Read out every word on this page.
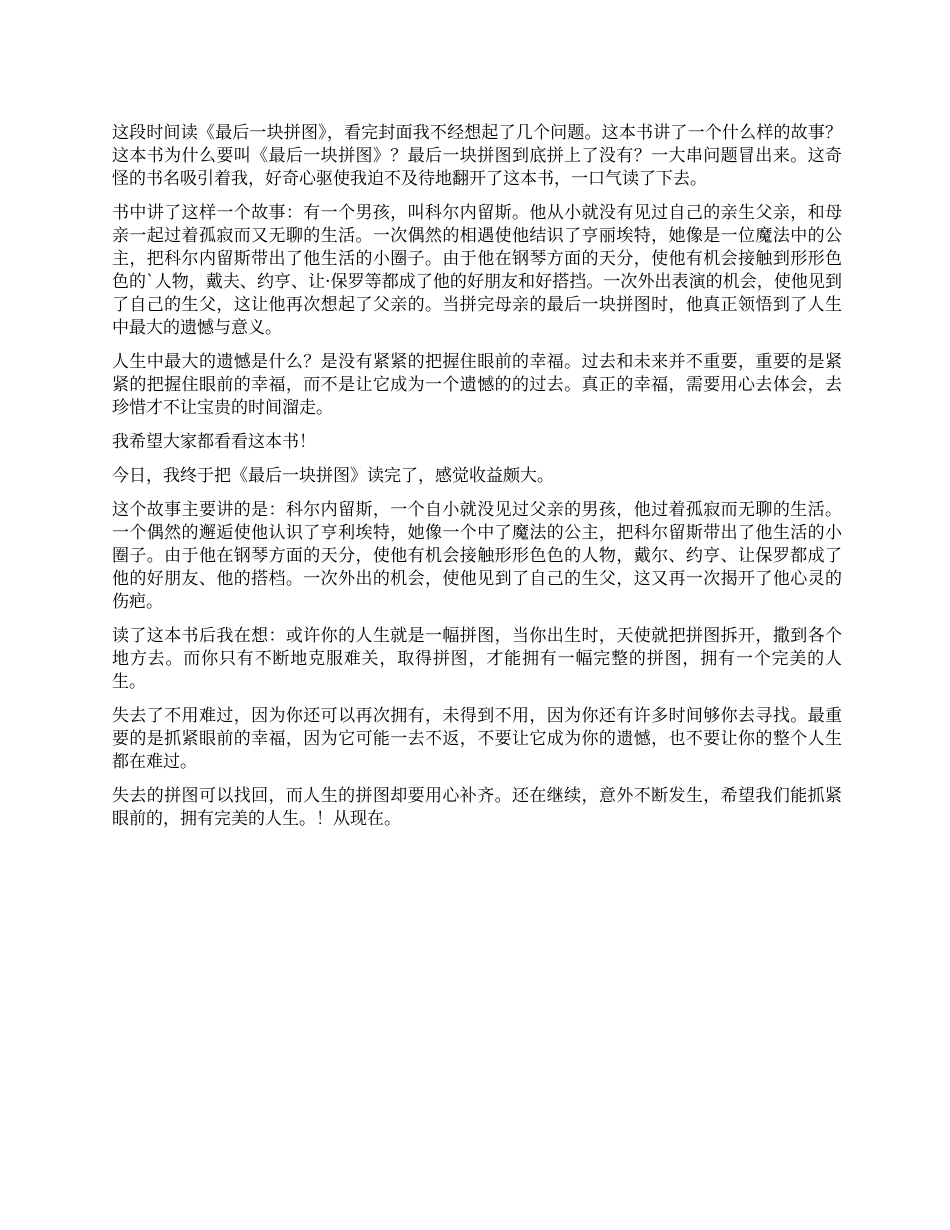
这段时间读《最后一块拼图》，看完封面我不经想起了几个问题。这本书讲了一个什么样的故事？这本书为什么要叫《最后一块拼图》？最后一块拼图到底拼上了没有？一大串问题冒出来。这奇怪的书名吸引着我，好奇心驱使我迫不及待地翻开了这本书，一口气读了下去。

书中讲了这样一个故事：有一个男孩，叫科尔内留斯。他从小就没有见过自己的亲生父亲，和母亲一起过着孤寂而又无聊的生活。一次偶然的相遇使他结识了亨丽埃特，她像是一位魔法中的公主，把科尔内留斯带出了他生活的小圈子。由于他在钢琴方面的天分，使他有机会接触到形形色色的`人物，戴夫、约亨、让·保罗等都成了他的好朋友和好搭挡。一次外出表演的机会，使他见到了自己的生父，这让他再次想起了父亲的。当拼完母亲的最后一块拼图时，他真正领悟到了人生中最大的遗憾与意义。

人生中最大的遗憾是什么？是没有紧紧的把握住眼前的幸福。过去和未来并不重要，重要的是紧紧的把握住眼前的幸福，而不是让它成为一个遗憾的的过去。真正的幸福，需要用心去体会，去珍惜才不让宝贵的时间溜走。

我希望大家都看看这本书！

今日，我终于把《最后一块拼图》读完了，感觉收益颇大。

这个故事主要讲的是：科尔内留斯，一个自小就没见过父亲的男孩，他过着孤寂而无聊的生活。一个偶然的邂逅使他认识了亨利埃特，她像一个中了魔法的公主，把科尔留斯带出了他生活的小圈子。由于他在钢琴方面的天分，使他有机会接触形形色色的人物，戴尔、约亨、让保罗都成了他的好朋友、他的搭档。一次外出的机会，使他见到了自己的生父，这又再一次揭开了他心灵的伤疤。

读了这本书后我在想：或许你的人生就是一幅拼图，当你出生时，天使就把拼图拆开，撒到各个地方去。而你只有不断地克服难关，取得拼图，才能拥有一幅完整的拼图，拥有一个完美的人生。

失去了不用难过，因为你还可以再次拥有，未得到不用，因为你还有许多时间够你去寻找。最重要的是抓紧眼前的幸福，因为它可能一去不返，不要让它成为你的遗憾，也不要让你的整个人生都在难过。

失去的拼图可以找回，而人生的拼图却要用心补齐。还在继续，意外不断发生，希望我们能抓紧眼前的，拥有完美的人生。！从现在。
